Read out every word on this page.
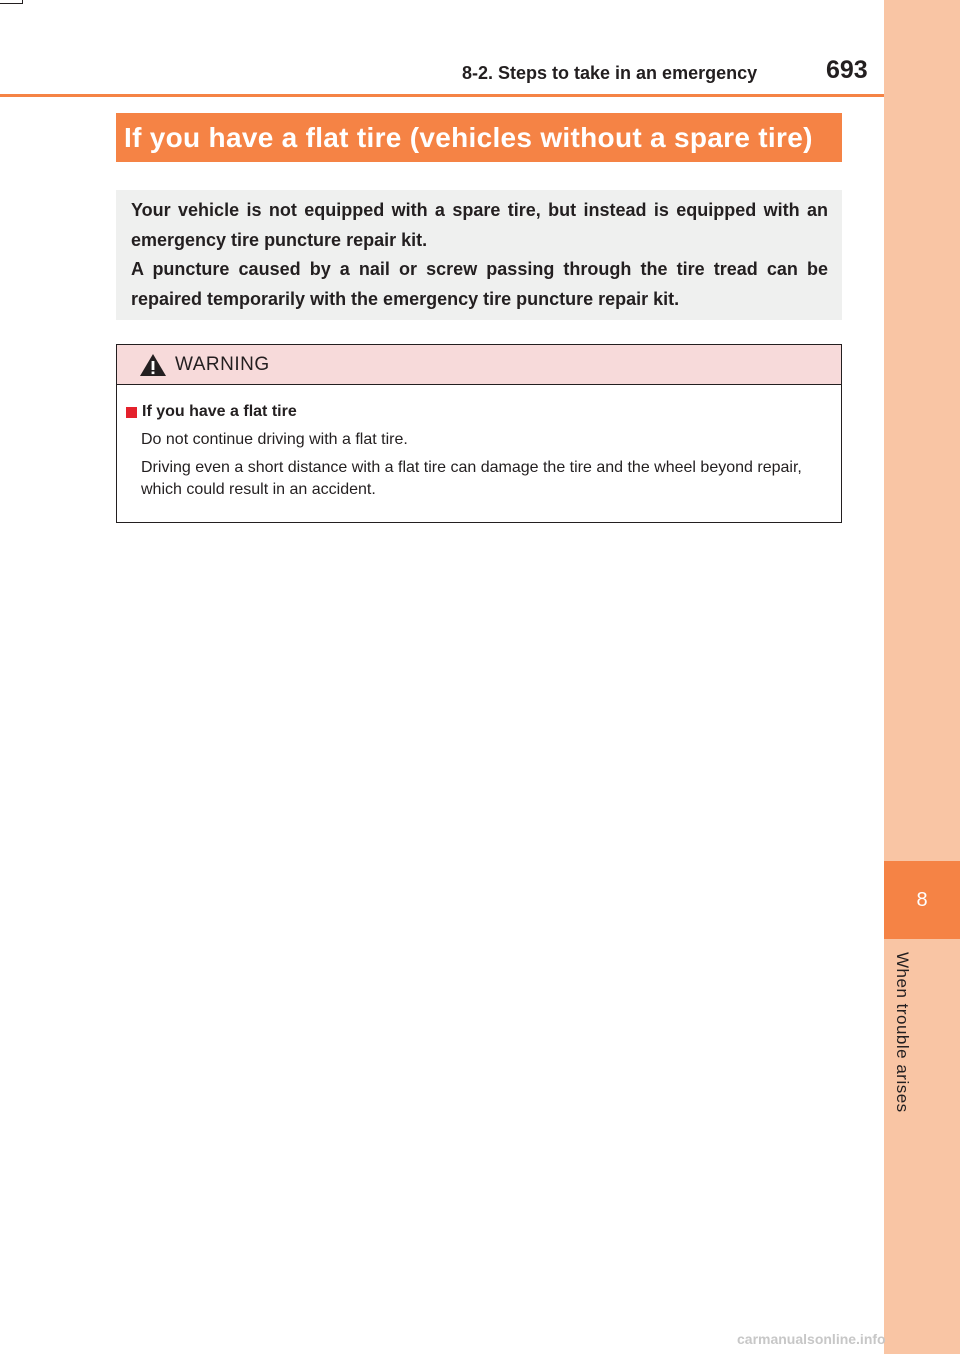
8
When trouble arises
8-2. Steps to take in an emergency	693
If you have a flat tire (vehicles without a spare tire)

Your vehicle is not equipped with a spare tire, but instead is equipped with an emergency tire puncture repair kit.

A puncture caused by a nail or screw passing through the tire tread can be repaired temporarily with the emergency tire puncture repair kit.

WARNING
If you have a flat tire

Do not continue driving with a flat tire.

Driving even a short distance with a flat tire can damage the tire and the wheel beyond repair, which could result in an accident.

carmanualsonline.info
